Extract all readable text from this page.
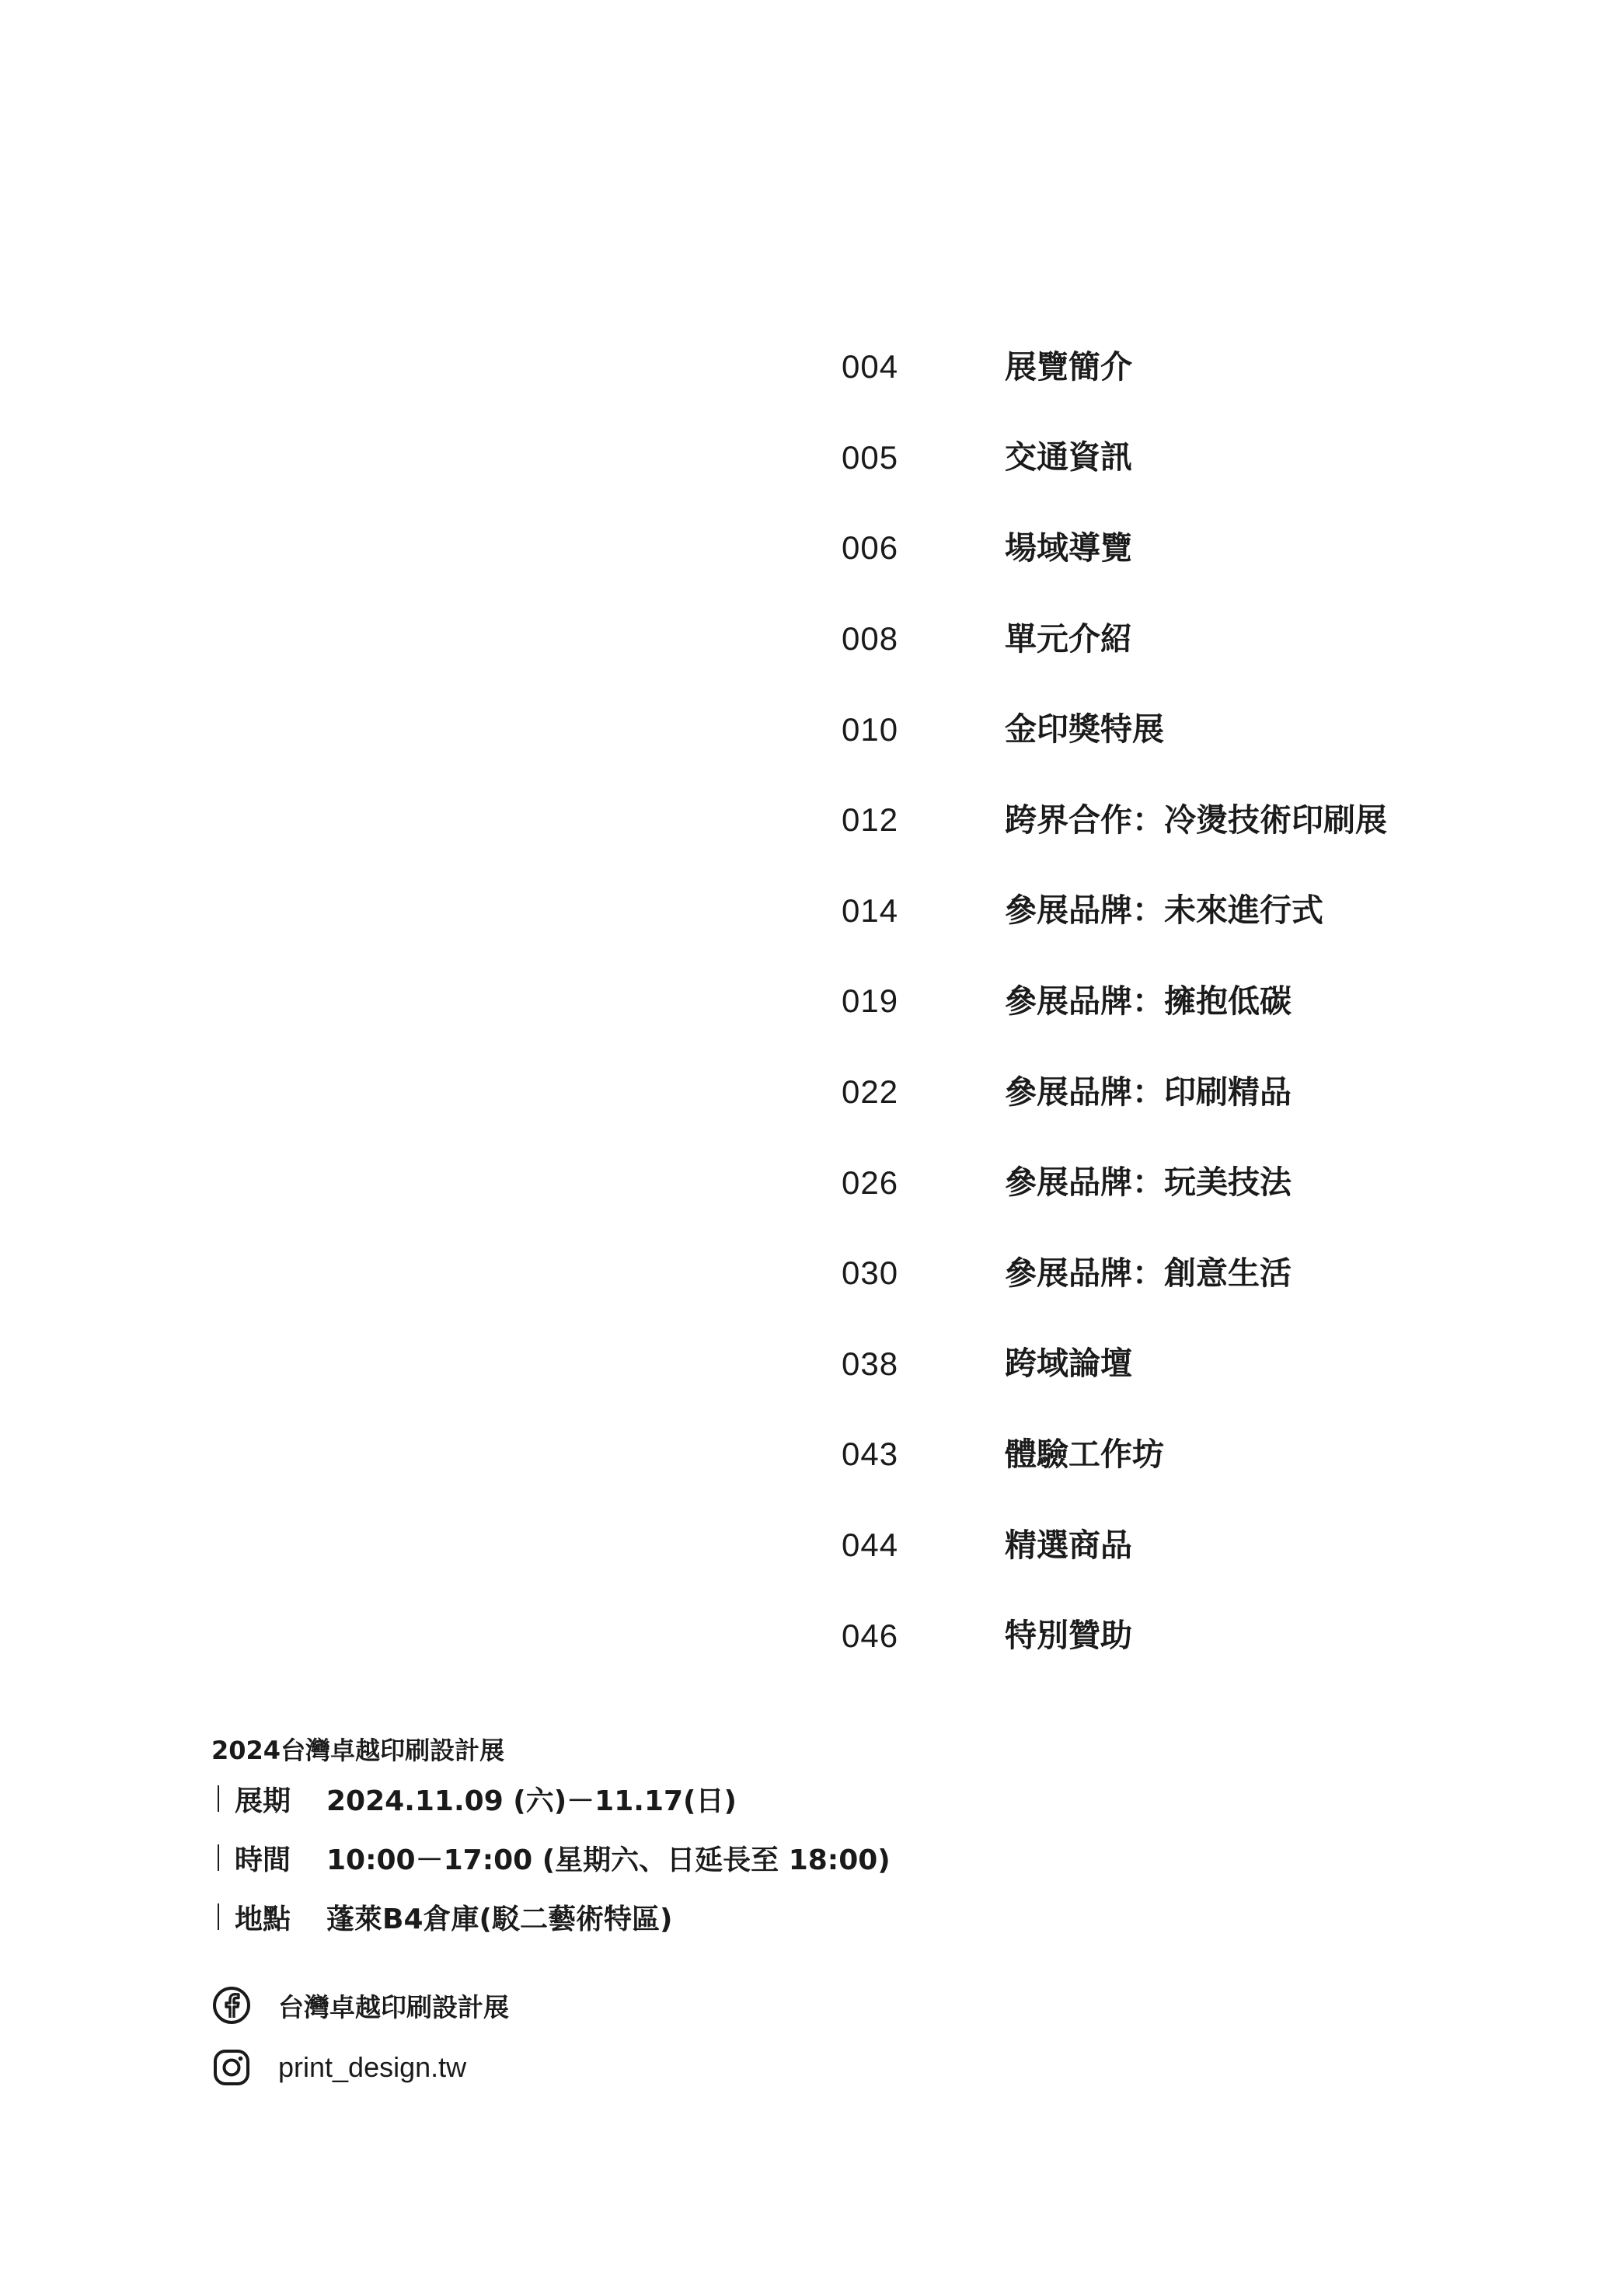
004	展覽簡介
005	交通資訊
006	場域導覽
008	單元介紹
010	金印獎特展
012	跨界合作：冷燙技術印刷展
014	參展品牌：未來進行式
019	參展品牌：擁抱低碳
022	參展品牌：印刷精品
026	參展品牌：玩美技法
030	參展品牌：創意生活
038	跨域論壇
043	體驗工作坊
044	精選商品
046	特別贊助
2024台灣卓越印刷設計展
展期	2024.11.09 (六)－11.17(日)
時間	10:00－17:00 (星期六、日延長至 18:00)
地點	蓬萊B4倉庫(駁二藝術特區)
台灣卓越印刷設計展
print_design.tw
